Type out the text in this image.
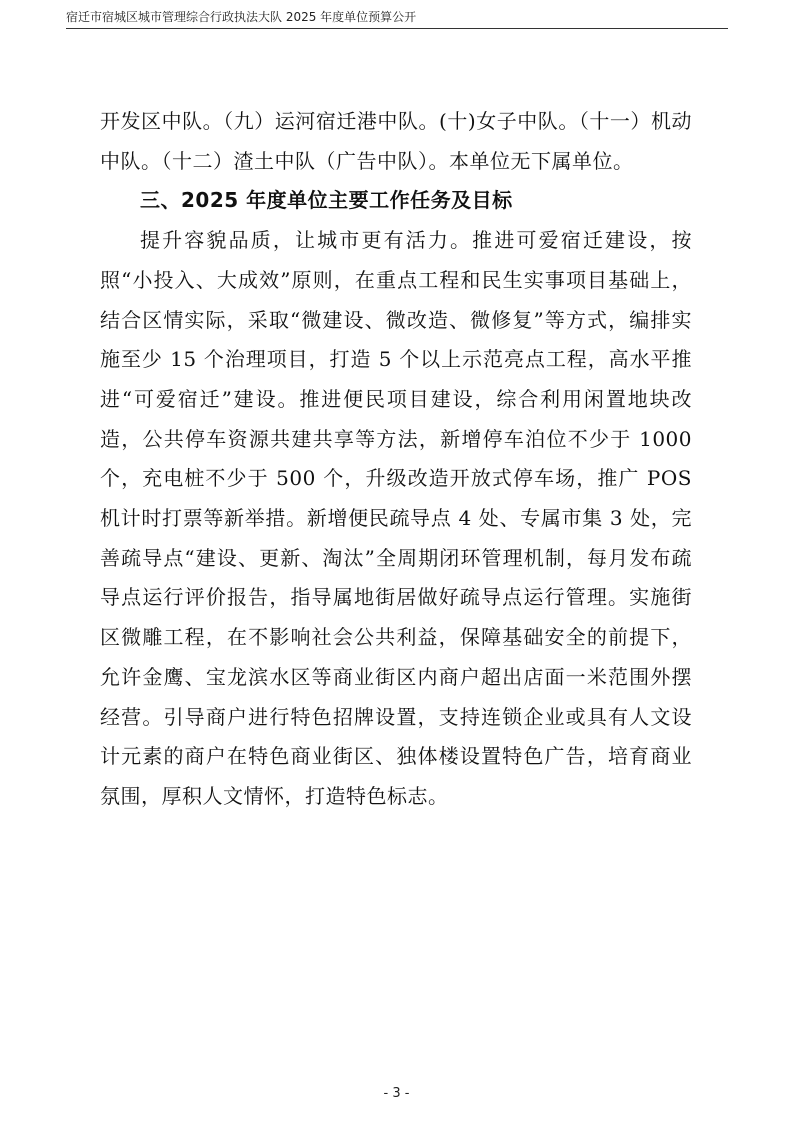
宿迁市宿城区城市管理综合行政执法大队 2025 年度单位预算公开

开发区中队。（九）运河宿迁港中队。(十)女子中队。（十一）机动中队。（十二）渣土中队（广告中队）。本单位无下属单位。

三、2025 年度单位主要工作任务及目标

提升容貌品质，让城市更有活力。推进可爱宿迁建设，按照“小投入、大成效”原则，在重点工程和民生实事项目基础上，结合区情实际，采取“微建设、微改造、微修复”等方式，编排实施至少 15 个治理项目，打造 5 个以上示范亮点工程，高水平推进“可爱宿迁”建设。推进便民项目建设，综合利用闲置地块改造，公共停车资源共建共享等方法，新增停车泊位不少于 1000 个，充电桩不少于 500 个，升级改造开放式停车场，推广 POS 机计时打票等新举措。新增便民疏导点 4 处、专属市集 3 处，完善疏导点“建设、更新、淘汰”全周期闭环管理机制，每月发布疏导点运行评价报告，指导属地街居做好疏导点运行管理。实施街区微雕工程，在不影响社会公共利益，保障基础安全的前提下，允许金鹰、宝龙滨水区等商业街区内商户超出店面一米范围外摆经营。引导商户进行特色招牌设置，支持连锁企业或具有人文设计元素的商户在特色商业街区、独体楼设置特色广告，培育商业氛围，厚积人文情怀，打造特色标志。

- 3 -
